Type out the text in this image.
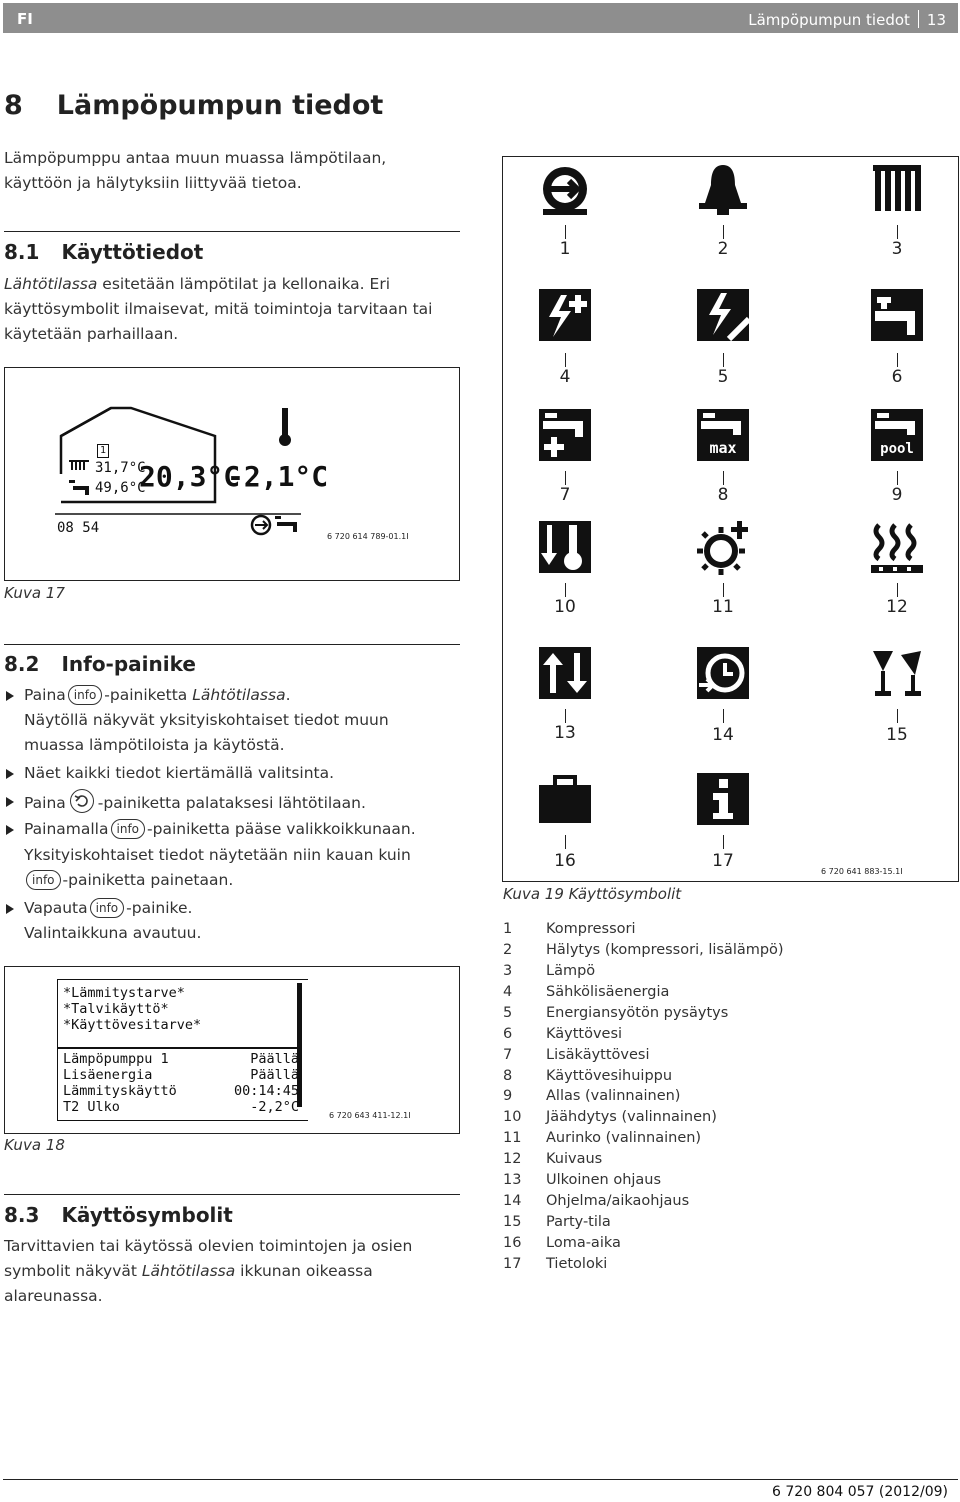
FI	Lämpöpumpun tiedot 13
8 Lämpöpumpun tiedot
Lämpöpumppu antaa muun muassa lämpötilaan,
käyttöön ja hälytyksiin liittyvää tietoa.
8.1 Käyttötiedot
Lähtötilassa esitetään lämpötilat ja kellonaika. Eri
käyttösymbolit ilmaisevat, mitä toimintoja tarvitaan tai
käytetään parhaillaan.
1
31,7°C
49,6°C
20,3°C
-2,1°C
08 54
6 720 614 789-01.1I
Kuva 17
8.2 Info-painike
Paina info -painiketta Lähtötilassa.
Näytöllä näkyvät yksityiskohtaiset tiedot muun
muassa lämpötiloista ja käytöstä.
Näet kaikki tiedot kiertämällä valitsinta.
Paina -painiketta palataksesi lähtötilaan.
Painamalla info -painiketta pääse valikkoikkunaan.
Yksityiskohtaiset tiedot näytetään niin kauan kuin
info -painiketta painetaan.
Vapauta info -painike.
Valintaikkuna avautuu.
*Lämmitystarve*
*Talvikäyttö*
*Käyttövesitarve*
Lämpöpumppu 1	Päällä
Lisäenergia	Päällä
Lämmityskäyttö	00:14:45
T2 Ulko	-2,2°C
6 720 643 411-12.1I
Kuva 18
8.3 Käyttösymbolit
Tarvittavien tai käytössä olevien toimintojen ja osien
symbolit näkyvät Lähtötilassa ikkunan oikeassa
alareunassa.
max	pool
1	2	3
4	5	6
7	8	9
10	11	12
13	14	15
16	17
6 720 641 883-15.1I
Kuva 19 Käyttösymbolit
1 Kompressori
2 Hälytys (kompressori, lisälämpö)
3 Lämpö
4 Sähkölisäenergia
5 Energiansyötön pysäytys
6 Käyttövesi
7 Lisäkäyttövesi
8 Käyttövesihuippu
9 Allas (valinnainen)
10 Jäähdytys (valinnainen)
11 Aurinko (valinnainen)
12 Kuivaus
13 Ulkoinen ohjaus
14 Ohjelma/aikaohjaus
15 Party-tila
16 Loma-aika
17 Tietoloki
6 720 804 057 (2012/09)
